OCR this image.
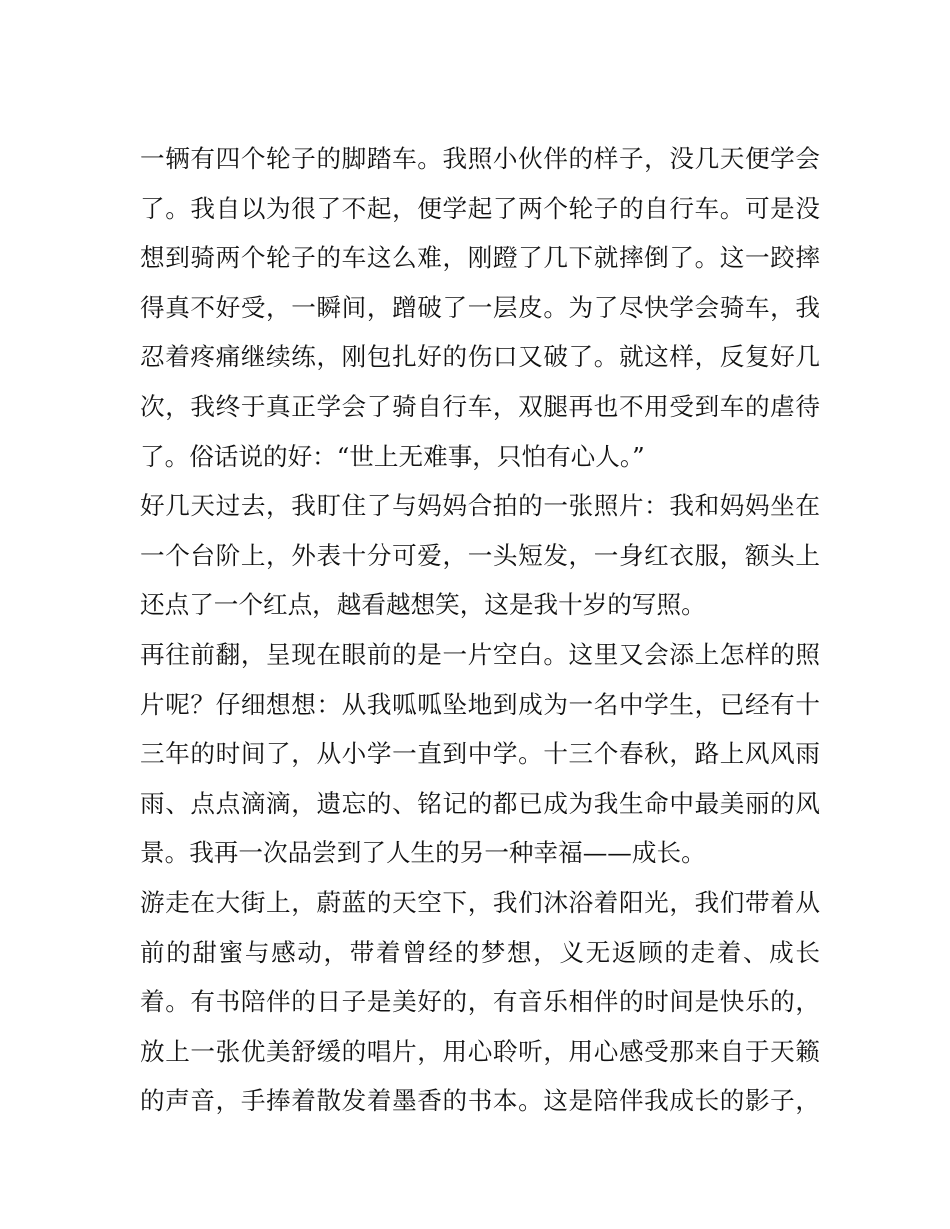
一辆有四个轮子的脚踏车。我照小伙伴的样子，没几天便学会
了。我自以为很了不起，便学起了两个轮子的自行车。可是没
想到骑两个轮子的车这么难，刚蹬了几下就摔倒了。这一跤摔
得真不好受，一瞬间，蹭破了一层皮。为了尽快学会骑车，我
忍着疼痛继续练，刚包扎好的伤口又破了。就这样，反复好几
次，我终于真正学会了骑自行车，双腿再也不用受到车的虐待
了。俗话说的好：“世上无难事，只怕有心人。”
好几天过去，我盯住了与妈妈合拍的一张照片：我和妈妈坐在
一个台阶上，外表十分可爱，一头短发，一身红衣服，额头上
还点了一个红点，越看越想笑，这是我十岁的写照。
再往前翻，呈现在眼前的是一片空白。这里又会添上怎样的照
片呢？仔细想想：从我呱呱坠地到成为一名中学生，已经有十
三年的时间了，从小学一直到中学。十三个春秋，路上风风雨
雨、点点滴滴，遗忘的、铭记的都已成为我生命中最美丽的风
景。我再一次品尝到了人生的另一种幸福——成长。
游走在大街上，蔚蓝的天空下，我们沐浴着阳光，我们带着从
前的甜蜜与感动，带着曾经的梦想，义无返顾的走着、成长
着。有书陪伴的日子是美好的，有音乐相伴的时间是快乐的，
放上一张优美舒缓的唱片，用心聆听，用心感受那来自于天籁
的声音，手捧着散发着墨香的书本。这是陪伴我成长的影子，
